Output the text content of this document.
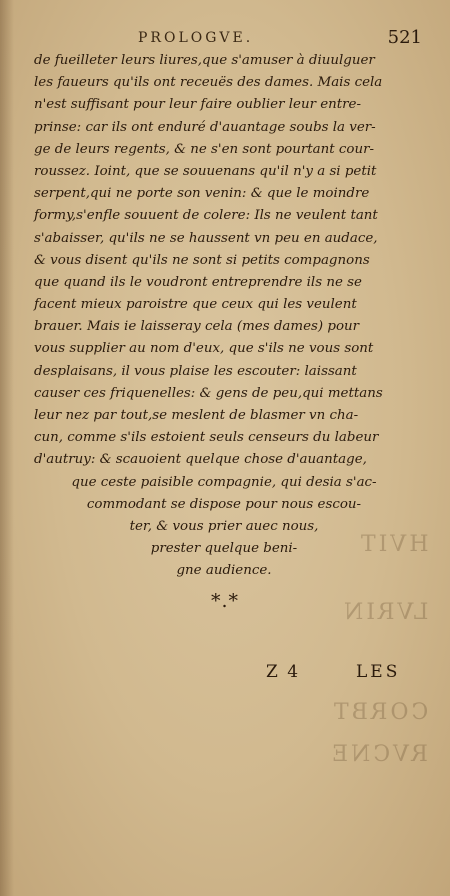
HVIT
LVRIN
CORBT
RVCNE
PROLOGVE.	521
de fueilleter leurs liures,que s'amuser à diuulguer
les faueurs qu'ils ont receuës des dames. Mais cela
n'est suffisant pour leur faire oublier leur entre-
prinse: car ils ont enduré d'auantage soubs la ver-
ge de leurs regents, & ne s'en sont pourtant cour-
roussez. Ioint, que se souuenans qu'il n'y a si petit
serpent,qui ne porte son venin: & que le moindre
formy,s'enfle souuent de colere: Ils ne veulent tant
s'abaisser, qu'ils ne se haussent vn peu en audace,
& vous disent qu'ils ne sont si petits compagnons
que quand ils le voudront entreprendre ils ne se
facent mieux paroistre que ceux qui les veulent
brauer. Mais ie laisseray cela (mes dames) pour
vous supplier au nom d'eux, que s'ils ne vous sont
desplaisans, il vous plaise les escouter: laissant
causer ces friquenelles: & gens de peu,qui mettans
leur nez par tout,se meslent de blasmer vn cha-
cun, comme s'ils estoient seuls censeurs du labeur
d'autruy: & scauoient quelque chose d'auantage,
que ceste paisible compagnie, qui desia s'ac-
commodant se dispose pour nous escou-
ter, & vous prier auec nous,
prester quelque beni-
gne audience.
*.*
Z 4	LES
